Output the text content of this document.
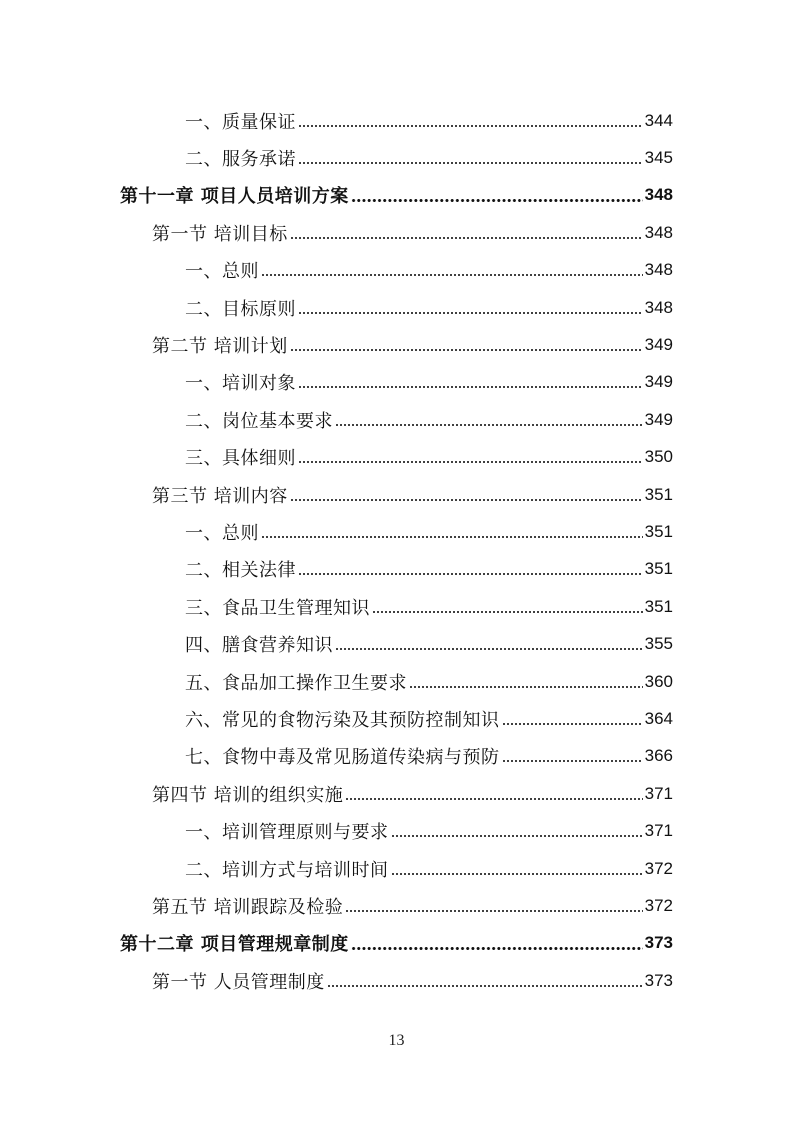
一、质量保证	344
二、服务承诺	345
第十一章 项目人员培训方案	348
第一节 培训目标	348
一、总则	348
二、目标原则	348
第二节 培训计划	349
一、培训对象	349
二、岗位基本要求	349
三、具体细则	350
第三节 培训内容	351
一、总则	351
二、相关法律	351
三、食品卫生管理知识	351
四、膳食营养知识	355
五、食品加工操作卫生要求	360
六、常见的食物污染及其预防控制知识	364
七、食物中毒及常见肠道传染病与预防	366
第四节 培训的组织实施	371
一、培训管理原则与要求	371
二、培训方式与培训时间	372
第五节 培训跟踪及检验	372
第十二章 项目管理规章制度	373
第一节 人员管理制度	373
13
